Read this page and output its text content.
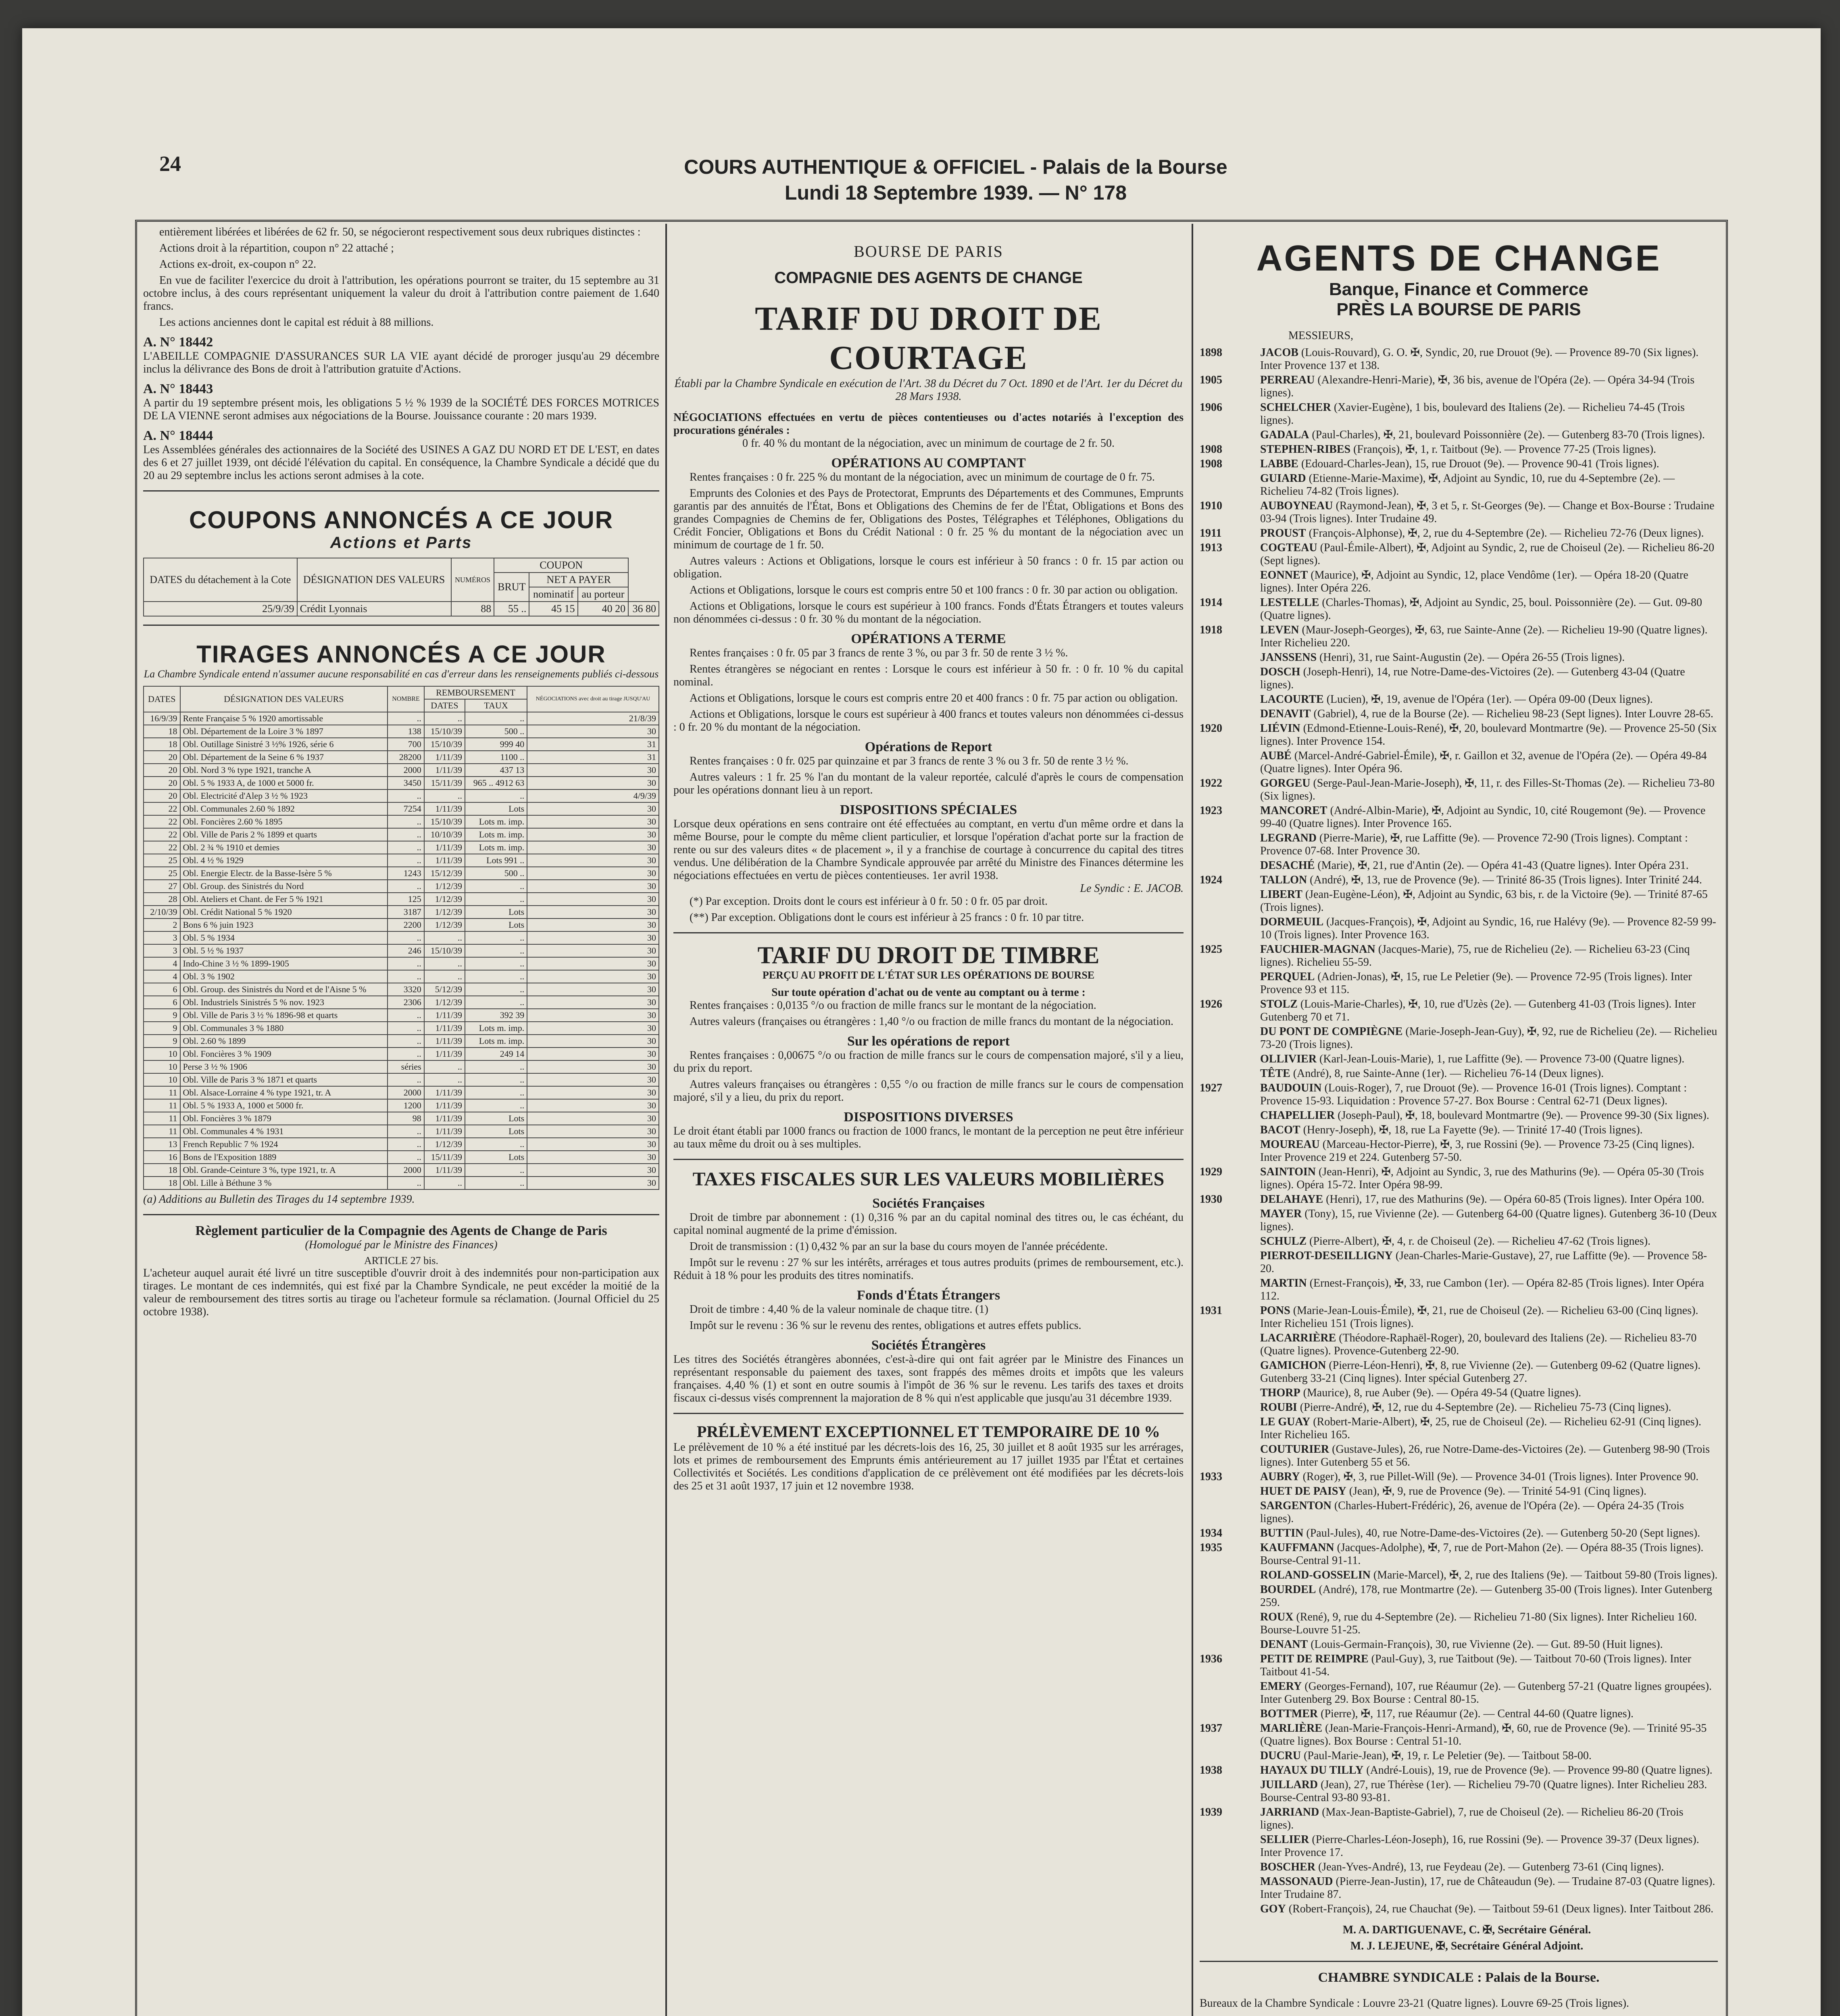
24	COURS AUTHENTIQUE & OFFICIEL - Palais de la Bourse
Lundi 18 Septembre 1939. — N° 178

entièrement libérées et libérées de 62 fr. 50, se négocieront respectivement sous deux rubriques distinctes :

Actions droit à la répartition, coupon n° 22 attaché ;

Actions ex-droit, ex-coupon n° 22.

En vue de faciliter l'exercice du droit à l'attribution, les opérations pourront se traiter, du 15 septembre au 31 octobre inclus, à des cours représentant uniquement la valeur du droit à l'attribution contre paiement de 1.640 francs.

Les actions anciennes dont le capital est réduit à 88 millions.

A. N° 18442
L'ABEILLE COMPAGNIE D'ASSURANCES SUR LA VIE ayant décidé de proroger jusqu'au 29 décembre inclus la délivrance des Bons de droit à l'attribution gratuite d'Actions.
A. N° 18443
A partir du 19 septembre présent mois, les obligations 5 ½ % 1939 de la SOCIÉTÉ DES FORCES MOTRICES DE LA VIENNE seront admises aux négociations de la Bourse. Jouissance courante : 20 mars 1939.
A. N° 18444
Les Assemblées générales des actionnaires de la Société des USINES A GAZ DU NORD ET DE L'EST, en dates des 6 et 27 juillet 1939, ont décidé l'élévation du capital. En conséquence, la Chambre Syndicale a décidé que du 20 au 29 septembre inclus les actions seront admises à la cote.
COUPONS ANNONCÉS A CE JOUR
Actions et Parts
DATES du détachement à la Cote	DÉSIGNATION DES VALEURS	NUMÉROS	COUPON			
			BRUT	NET A PAYER		
				nominatif	au porteur	
25/9/39	Crédit Lyonnais	88	55 ..	45 15	40 20	36 80
TIRAGES ANNONCÉS A CE JOUR
La Chambre Syndicale entend n'assumer aucune responsabilité en cas d'erreur dans les renseignements publiés ci-dessous
DATES	DÉSIGNATION DES VALEURS	NOMBRE	REMBOURSEMENT		NÉGOCIATIONS avec droit au tirage JUSQU'AU
			DATES	TAUX	
16/9/39	Rente Française 5 % 1920 amortissable	..	..	..	21/8/39
18	Obl. Département de la Loire 3 % 1897	138	15/10/39	500 ..	30
18	Obl. Outillage Sinistré 3 ½% 1926, série 6	700	15/10/39	999 40	31
20	Obl. Département de la Seine 6 % 1937	28200	1/11/39	1100 ..	31
20	Obl. Nord 3 % type 1921, tranche A	2000	1/11/39	437 13	30
20	Obl. 5 % 1933 A, de 1000 et 5000 fr.	3450	15/11/39	965 .. 4912 63	30
20	Obl. Electricité d'Alep 3 ½ % 1923	..	..	..	4/9/39
22	Obl. Communales 2.60 % 1892	7254	1/11/39	Lots	30
22	Obl. Foncières 2.60 % 1895	..	15/10/39	Lots m. imp.	30
22	Obl. Ville de Paris 2 % 1899 et quarts	..	10/10/39	Lots m. imp.	30
22	Obl. 2 ¾ % 1910 et demies	..	1/11/39	Lots m. imp.	30
25	Obl. 4 ½ % 1929	..	1/11/39	Lots 991 ..	30
25	Obl. Energie Electr. de la Basse-Isère 5 %	1243	15/12/39	500 ..	30
27	Obl. Group. des Sinistrés du Nord	..	1/12/39	..	30
28	Obl. Ateliers et Chant. de Fer 5 % 1921	125	1/12/39	..	30
2/10/39	Obl. Crédit National 5 % 1920	3187	1/12/39	Lots	30
2	Bons 6 % juin 1923	2200	1/12/39	Lots	30
3	Obl. 5 % 1934	..	..	..	30
3	Obl. 5 ½ % 1937	246	15/10/39	..	30
4	Indo-Chine 3 ½ % 1899-1905	..	..	..	30
4	Obl. 3 % 1902	..	..	..	30
6	Obl. Group. des Sinistrés du Nord et de l'Aisne 5 %	3320	5/12/39	..	30
6	Obl. Industriels Sinistrés 5 % nov. 1923	2306	1/12/39	..	30
9	Obl. Ville de Paris 3 ½ % 1896-98 et quarts	..	1/11/39	392 39	30
9	Obl. Communales 3 % 1880	..	1/11/39	Lots m. imp.	30
9	Obl. 2.60 % 1899	..	1/11/39	Lots m. imp.	30
10	Obl. Foncières 3 % 1909	..	1/11/39	249 14	30
10	Perse 3 ½ % 1906	séries	..	..	30
10	Obl. Ville de Paris 3 % 1871 et quarts	..	..	..	30
11	Obl. Alsace-Lorraine 4 % type 1921, tr. A	2000	1/11/39	..	30
11	Obl. 5 % 1933 A, 1000 et 5000 fr.	1200	1/11/39	..	30
11	Obl. Foncières 3 % 1879	98	1/11/39	Lots	30
11	Obl. Communales 4 % 1931	..	1/11/39	Lots	30
13	French Republic 7 % 1924	..	1/12/39	..	30
16	Bons de l'Exposition 1889	..	15/11/39	Lots	30
18	Obl. Grande-Ceinture 3 %, type 1921, tr. A	2000	1/11/39	..	30
18	Obl. Lille à Béthune 3 %	..	..	..	30
(a) Additions au Bulletin des Tirages du 14 septembre 1939.
Règlement particulier de la Compagnie des Agents de Change de Paris
(Homologué par le Ministre des Finances)
ARTICLE 27 bis.
L'acheteur auquel aurait été livré un titre susceptible d'ouvrir droit à des indemnités pour non-participation aux tirages. Le montant de ces indemnités, qui est fixé par la Chambre Syndicale, ne peut excéder la moitié de la valeur de remboursement des titres sortis au tirage ou l'acheteur formule sa réclamation. (Journal Officiel du 25 octobre 1938).
BOURSE DE PARIS
COMPAGNIE DES AGENTS DE CHANGE
TARIF DU DROIT DE COURTAGE
Établi par la Chambre Syndicale en exécution de l'Art. 38 du Décret du 7 Oct. 1890 et de l'Art. 1er du Décret du 28 Mars 1938.
NÉGOCIATIONS effectuées en vertu de pièces contentieuses ou d'actes notariés à l'exception des procurations générales :
0 fr. 40 % du montant de la négociation, avec un minimum de courtage de 2 fr. 50.
OPÉRATIONS AU COMPTANT

Rentes françaises : 0 fr. 225 % du montant de la négociation, avec un minimum de courtage de 0 fr. 75.

Emprunts des Colonies et des Pays de Protectorat, Emprunts des Départements et des Communes, Emprunts garantis par des annuités de l'État, Bons et Obligations des Chemins de fer de l'État, Obligations et Bons des grandes Compagnies de Chemins de fer, Obligations des Postes, Télégraphes et Téléphones, Obligations du Crédit Foncier, Obligations et Bons du Crédit National : 0 fr. 25 % du montant de la négociation avec un minimum de courtage de 1 fr. 50.

Autres valeurs : Actions et Obligations, lorsque le cours est inférieur à 50 francs : 0 fr. 15 par action ou obligation.

Actions et Obligations, lorsque le cours est compris entre 50 et 100 francs : 0 fr. 30 par action ou obligation.

Actions et Obligations, lorsque le cours est supérieur à 100 francs. Fonds d'États Étrangers et toutes valeurs non dénommées ci-dessus : 0 fr. 30 % du montant de la négociation.

OPÉRATIONS A TERME

Rentes françaises : 0 fr. 05 par 3 francs de rente 3 %, ou par 3 fr. 50 de rente 3 ½ %.

Rentes étrangères se négociant en rentes : Lorsque le cours est inférieur à 50 fr. : 0 fr. 10 % du capital nominal.

Actions et Obligations, lorsque le cours est compris entre 20 et 400 francs : 0 fr. 75 par action ou obligation.

Actions et Obligations, lorsque le cours est supérieur à 400 francs et toutes valeurs non dénommées ci-dessus : 0 fr. 20 % du montant de la négociation.

Opérations de Report

Rentes françaises : 0 fr. 025 par quinzaine et par 3 francs de rente 3 % ou 3 fr. 50 de rente 3 ½ %.

Autres valeurs : 1 fr. 25 % l'an du montant de la valeur reportée, calculé d'après le cours de compensation pour les opérations donnant lieu à un report.

DISPOSITIONS SPÉCIALES
Lorsque deux opérations en sens contraire ont été effectuées au comptant, en vertu d'un même ordre et dans la même Bourse, pour le compte du même client particulier, et lorsque l'opération d'achat porte sur la fraction de rente ou sur des valeurs dites « de placement », il y a franchise de courtage à concurrence du capital des titres vendus. Une délibération de la Chambre Syndicale approuvée par arrêté du Ministre des Finances détermine les négociations effectuées en vertu de pièces contentieuses. 1er avril 1938.
Le Syndic : E. JACOB.

(*) Par exception. Droits dont le cours est inférieur à 0 fr. 50 : 0 fr. 05 par droit.

(**) Par exception. Obligations dont le cours est inférieur à 25 francs : 0 fr. 10 par titre.

TARIF DU DROIT DE TIMBRE
PERÇU AU PROFIT DE L'ÉTAT SUR LES OPÉRATIONS DE BOURSE
Sur toute opération d'achat ou de vente au comptant ou à terme :

Rentes françaises : 0,0135 °/o ou fraction de mille francs sur le montant de la négociation.

Autres valeurs (françaises ou étrangères : 1,40 °/o ou fraction de mille francs du montant de la négociation.

Sur les opérations de report

Rentes françaises : 0,00675 °/o ou fraction de mille francs sur le cours de compensation majoré, s'il y a lieu, du prix du report.

Autres valeurs françaises ou étrangères : 0,55 °/o ou fraction de mille francs sur le cours de compensation majoré, s'il y a lieu, du prix du report.

DISPOSITIONS DIVERSES
Le droit étant établi par 1000 francs ou fraction de 1000 francs, le montant de la perception ne peut être inférieur au taux même du droit ou à ses multiples.
TAXES FISCALES SUR LES VALEURS MOBILIÈRES
Sociétés Françaises

Droit de timbre par abonnement : (1) 0,316 % par an du capital nominal des titres ou, le cas échéant, du capital nominal augmenté de la prime d'émission.

Droit de transmission : (1) 0,432 % par an sur la base du cours moyen de l'année précédente.

Impôt sur le revenu : 27 % sur les intérêts, arrérages et tous autres produits (primes de remboursement, etc.). Réduit à 18 % pour les produits des titres nominatifs.

Fonds d'États Étrangers

Droit de timbre : 4,40 % de la valeur nominale de chaque titre. (1)

Impôt sur le revenu : 36 % sur le revenu des rentes, obligations et autres effets publics.

Sociétés Étrangères
Les titres des Sociétés étrangères abonnées, c'est-à-dire qui ont fait agréer par le Ministre des Finances un représentant responsable du paiement des taxes, sont frappés des mêmes droits et impôts que les valeurs françaises. 4,40 % (1) et sont en outre soumis à l'impôt de 36 % sur le revenu. Les tarifs des taxes et droits fiscaux ci-dessus visés comprennent la majoration de 8 % qui n'est applicable que jusqu'au 31 décembre 1939.
PRÉLÈVEMENT EXCEPTIONNEL ET TEMPORAIRE DE 10 %
Le prélèvement de 10 % a été institué par les décrets-lois des 16, 25, 30 juillet et 8 août 1935 sur les arrérages, lots et primes de remboursement des Emprunts émis antérieurement au 17 juillet 1935 par l'État et certaines Collectivités et Sociétés. Les conditions d'application de ce prélèvement ont été modifiées par les décrets-lois des 25 et 31 août 1937, 17 juin et 12 novembre 1938.
AGENTS DE CHANGE
Banque, Finance et Commerce
PRÈS LA BOURSE DE PARIS
MESSIEURS,
1898	JACOB (Louis-Rouvard), G. O. ✠, Syndic, 20, rue Drouot (9e). — Provence 89-70 (Six lignes). Inter Provence 137 et 138.
1905	PERREAU (Alexandre-Henri-Marie), ✠, 36 bis, avenue de l'Opéra (2e). — Opéra 34-94 (Trois lignes).
1906	SCHELCHER (Xavier-Eugène), 1 bis, boulevard des Italiens (2e). — Richelieu 74-45 (Trois lignes).
GADALA (Paul-Charles), ✠, 21, boulevard Poissonnière (2e). — Gutenberg 83-70 (Trois lignes).
1908	STEPHEN-RIBES (François), ✠, 1, r. Taitbout (9e). — Provence 77-25 (Trois lignes).
1908	LABBE (Edouard-Charles-Jean), 15, rue Drouot (9e). — Provence 90-41 (Trois lignes).
GUIARD (Etienne-Marie-Maxime), ✠, Adjoint au Syndic, 10, rue du 4-Septembre (2e). — Richelieu 74-82 (Trois lignes).
1910	AUBOYNEAU (Raymond-Jean), ✠, 3 et 5, r. St-Georges (9e). — Change et Box-Bourse : Trudaine 03-94 (Trois lignes). Inter Trudaine 49.
1911	PROUST (François-Alphonse), ✠, 2, rue du 4-Septembre (2e). — Richelieu 72-76 (Deux lignes).
1913	COGTEAU (Paul-Émile-Albert), ✠, Adjoint au Syndic, 2, rue de Choiseul (2e). — Richelieu 86-20 (Sept lignes).
EONNET (Maurice), ✠, Adjoint au Syndic, 12, place Vendôme (1er). — Opéra 18-20 (Quatre lignes). Inter Opéra 226.
1914	LESTELLE (Charles-Thomas), ✠, Adjoint au Syndic, 25, boul. Poissonnière (2e). — Gut. 09-80 (Quatre lignes).
1918	LEVEN (Maur-Joseph-Georges), ✠, 63, rue Sainte-Anne (2e). — Richelieu 19-90 (Quatre lignes). Inter Richelieu 220.
JANSSENS (Henri), 31, rue Saint-Augustin (2e). — Opéra 26-55 (Trois lignes).
DOSCH (Joseph-Henri), 14, rue Notre-Dame-des-Victoires (2e). — Gutenberg 43-04 (Quatre lignes).
LACOURTE (Lucien), ✠, 19, avenue de l'Opéra (1er). — Opéra 09-00 (Deux lignes).
DENAVIT (Gabriel), 4, rue de la Bourse (2e). — Richelieu 98-23 (Sept lignes). Inter Louvre 28-65.
1920	LIÉVIN (Edmond-Etienne-Louis-René), ✠, 20, boulevard Montmartre (9e). — Provence 25-50 (Six lignes). Inter Provence 154.
AUBÉ (Marcel-André-Gabriel-Émile), ✠, r. Gaillon et 32, avenue de l'Opéra (2e). — Opéra 49-84 (Quatre lignes). Inter Opéra 96.
1922	GORGEU (Serge-Paul-Jean-Marie-Joseph), ✠, 11, r. des Filles-St-Thomas (2e). — Richelieu 73-80 (Six lignes).
1923	MANCORET (André-Albin-Marie), ✠, Adjoint au Syndic, 10, cité Rougemont (9e). — Provence 99-40 (Quatre lignes). Inter Provence 165.
LEGRAND (Pierre-Marie), ✠, rue Laffitte (9e). — Provence 72-90 (Trois lignes). Comptant : Provence 07-68. Inter Provence 30.
DESACHÉ (Marie), ✠, 21, rue d'Antin (2e). — Opéra 41-43 (Quatre lignes). Inter Opéra 231.
1924	TALLON (André), ✠, 13, rue de Provence (9e). — Trinité 86-35 (Trois lignes). Inter Trinité 244.
LIBERT (Jean-Eugène-Léon), ✠, Adjoint au Syndic, 63 bis, r. de la Victoire (9e). — Trinité 87-65 (Trois lignes).
DORMEUIL (Jacques-François), ✠, Adjoint au Syndic, 16, rue Halévy (9e). — Provence 82-59 99-10 (Trois lignes). Inter Provence 163.
1925	FAUCHIER-MAGNAN (Jacques-Marie), 75, rue de Richelieu (2e). — Richelieu 63-23 (Cinq lignes). Richelieu 55-59.
PERQUEL (Adrien-Jonas), ✠, 15, rue Le Peletier (9e). — Provence 72-95 (Trois lignes). Inter Provence 93 et 115.
1926	STOLZ (Louis-Marie-Charles), ✠, 10, rue d'Uzès (2e). — Gutenberg 41-03 (Trois lignes). Inter Gutenberg 70 et 71.
DU PONT DE COMPIÈGNE (Marie-Joseph-Jean-Guy), ✠, 92, rue de Richelieu (2e). — Richelieu 73-20 (Trois lignes).
OLLIVIER (Karl-Jean-Louis-Marie), 1, rue Laffitte (9e). — Provence 73-00 (Quatre lignes).
TÊTE (André), 8, rue Sainte-Anne (1er). — Richelieu 76-14 (Deux lignes).
1927	BAUDOUIN (Louis-Roger), 7, rue Drouot (9e). — Provence 16-01 (Trois lignes). Comptant : Provence 15-93. Liquidation : Provence 57-27. Box Bourse : Central 62-71 (Deux lignes).
CHAPELLIER (Joseph-Paul), ✠, 18, boulevard Montmartre (9e). — Provence 99-30 (Six lignes).
BACOT (Henry-Joseph), ✠, 18, rue La Fayette (9e). — Trinité 17-40 (Trois lignes).
MOUREAU (Marceau-Hector-Pierre), ✠, 3, rue Rossini (9e). — Provence 73-25 (Cinq lignes). Inter Provence 219 et 224. Gutenberg 57-50.
1929	SAINTOIN (Jean-Henri), ✠, Adjoint au Syndic, 3, rue des Mathurins (9e). — Opéra 05-30 (Trois lignes). Opéra 15-72. Inter Opéra 98-99.
1930	DELAHAYE (Henri), 17, rue des Mathurins (9e). — Opéra 60-85 (Trois lignes). Inter Opéra 100.
MAYER (Tony), 15, rue Vivienne (2e). — Gutenberg 64-00 (Quatre lignes). Gutenberg 36-10 (Deux lignes).
SCHULZ (Pierre-Albert), ✠, 4, r. de Choiseul (2e). — Richelieu 47-62 (Trois lignes).
PIERROT-DESEILLIGNY (Jean-Charles-Marie-Gustave), 27, rue Laffitte (9e). — Provence 58-20.
MARTIN (Ernest-François), ✠, 33, rue Cambon (1er). — Opéra 82-85 (Trois lignes). Inter Opéra 112.
1931	PONS (Marie-Jean-Louis-Émile), ✠, 21, rue de Choiseul (2e). — Richelieu 63-00 (Cinq lignes). Inter Richelieu 151 (Trois lignes).
LACARRIÈRE (Théodore-Raphaël-Roger), 20, boulevard des Italiens (2e). — Richelieu 83-70 (Quatre lignes). Provence-Gutenberg 22-90.
GAMICHON (Pierre-Léon-Henri), ✠, 8, rue Vivienne (2e). — Gutenberg 09-62 (Quatre lignes). Gutenberg 33-21 (Cinq lignes). Inter spécial Gutenberg 27.
THORP (Maurice), 8, rue Auber (9e). — Opéra 49-54 (Quatre lignes).
ROUBI (Pierre-André), ✠, 12, rue du 4-Septembre (2e). — Richelieu 75-73 (Cinq lignes).
LE GUAY (Robert-Marie-Albert), ✠, 25, rue de Choiseul (2e). — Richelieu 62-91 (Cinq lignes). Inter Richelieu 165.
COUTURIER (Gustave-Jules), 26, rue Notre-Dame-des-Victoires (2e). — Gutenberg 98-90 (Trois lignes). Inter Gutenberg 55 et 56.
1933	AUBRY (Roger), ✠, 3, rue Pillet-Will (9e). — Provence 34-01 (Trois lignes). Inter Provence 90.
HUET DE PAISY (Jean), ✠, 9, rue de Provence (9e). — Trinité 54-91 (Cinq lignes).
SARGENTON (Charles-Hubert-Frédéric), 26, avenue de l'Opéra (2e). — Opéra 24-35 (Trois lignes).
1934	BUTTIN (Paul-Jules), 40, rue Notre-Dame-des-Victoires (2e). — Gutenberg 50-20 (Sept lignes).
1935	KAUFFMANN (Jacques-Adolphe), ✠, 7, rue de Port-Mahon (2e). — Opéra 88-35 (Trois lignes). Bourse-Central 91-11.
ROLAND-GOSSELIN (Marie-Marcel), ✠, 2, rue des Italiens (9e). — Taitbout 59-80 (Trois lignes).
BOURDEL (André), 178, rue Montmartre (2e). — Gutenberg 35-00 (Trois lignes). Inter Gutenberg 259.
ROUX (René), 9, rue du 4-Septembre (2e). — Richelieu 71-80 (Six lignes). Inter Richelieu 160. Bourse-Louvre 51-25.
DENANT (Louis-Germain-François), 30, rue Vivienne (2e). — Gut. 89-50 (Huit lignes).
1936	PETIT DE REIMPRE (Paul-Guy), 3, rue Taitbout (9e). — Taitbout 70-60 (Trois lignes). Inter Taitbout 41-54.
EMERY (Georges-Fernand), 107, rue Réaumur (2e). — Gutenberg 57-21 (Quatre lignes groupées). Inter Gutenberg 29. Box Bourse : Central 80-15.
BOTTMER (Pierre), ✠, 117, rue Réaumur (2e). — Central 44-60 (Quatre lignes).
1937	MARLIÈRE (Jean-Marie-François-Henri-Armand), ✠, 60, rue de Provence (9e). — Trinité 95-35 (Quatre lignes). Box Bourse : Central 51-10.
DUCRU (Paul-Marie-Jean), ✠, 19, r. Le Peletier (9e). — Taitbout 58-00.
1938	HAYAUX DU TILLY (André-Louis), 19, rue de Provence (9e). — Provence 99-80 (Quatre lignes).
JUILLARD (Jean), 27, rue Thérèse (1er). — Richelieu 79-70 (Quatre lignes). Inter Richelieu 283. Bourse-Central 93-80 93-81.
1939	JARRIAND (Max-Jean-Baptiste-Gabriel), 7, rue de Choiseul (2e). — Richelieu 86-20 (Trois lignes).
SELLIER (Pierre-Charles-Léon-Joseph), 16, rue Rossini (9e). — Provence 39-37 (Deux lignes). Inter Provence 17.
BOSCHER (Jean-Yves-André), 13, rue Feydeau (2e). — Gutenberg 73-61 (Cinq lignes).
MASSONAUD (Pierre-Jean-Justin), 17, rue de Châteaudun (9e). — Trudaine 87-03 (Quatre lignes). Inter Trudaine 87.
GOY (Robert-François), 24, rue Chauchat (9e). — Taitbout 59-61 (Deux lignes). Inter Taitbout 286.

M. A. DARTIGUENAVE, C. ✠, Secrétaire Général.

M. J. LEJEUNE, ✠, Secrétaire Général Adjoint.

CHAMBRE SYNDICALE : Palais de la Bourse.

Bureaux de la Chambre Syndicale : Louvre 23-21 (Quatre lignes). Louvre 69-25 (Trois lignes).
